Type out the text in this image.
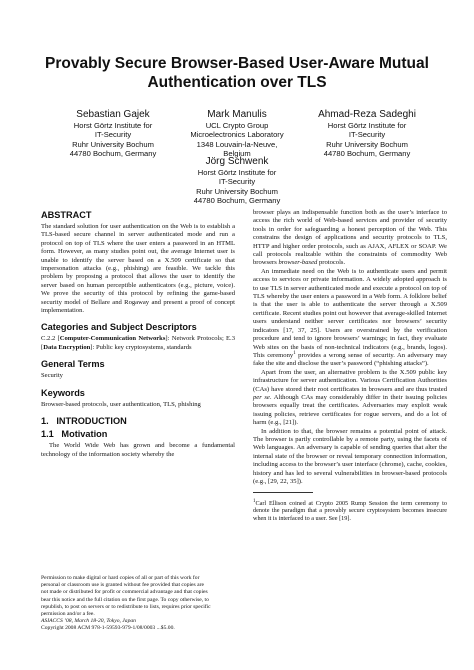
Provably Secure Browser-Based User-Aware Mutual
Authentication over TLS
Sebastian Gajek
Horst Görtz Institute for
IT-Security
Ruhr University Bochum
44780 Bochum, Germany
Mark Manulis
UCL Crypto Group
Microelectronics Laboratory
1348 Louvain-la-Neuve,
Belgium
Ahmad-Reza Sadeghi
Horst Görtz Institute for
IT-Security
Ruhr University Bochum
44780 Bochum, Germany
Jörg Schwenk
Horst Görtz Institute for
IT-Security
Ruhr University Bochum
44780 Bochum, Germany
ABSTRACT

The standard solution for user authentication on the Web is to establish a TLS-based secure channel in server authenticated mode and run a protocol on top of TLS where the user enters a password in an HTML form. However, as many studies point out, the average Internet user is unable to identify the server based on a X.509 certificate so that impersonation attacks (e.g., phishing) are feasible. We tackle this problem by proposing a protocol that allows the user to identify the server based on human perceptible authenticators (e.g., picture, voice). We prove the security of this protocol by refining the game-based security model of Bellare and Rogaway and present a proof of concept implementation.

Categories and Subject Descriptors

C.2.2 [Computer-Communication Networks]: Network Protocols; E.3 [Data Encryption]: Public key cryptosystems, standards

General Terms

Security

Keywords

Browser-based protocols, user authentication, TLS, phishing

1.   INTRODUCTION
1.1   Motivation

The World Wide Web has grown and become a fundamental technology of the information society whereby the

Permission to make digital or hard copies of all or part of this work for
personal or classroom use is granted without fee provided that copies are
not made or distributed for profit or commercial advantage and that copies
bear this notice and the full citation on the first page. To copy otherwise, to
republish, to post on servers or to redistribute to lists, requires prior specific
permission and/or a fee.
ASIACCS ’08, March 18-20, Tokyo, Japan
Copyright 2008 ACM 978-1-59593-979-1/08/0003 ...$5.00.

browser plays an indispensable function both as the user’s interface to access the rich world of Web-based services and provider of security tools in order for safeguarding a honest perception of the Web. This constrains the design of applications and security protocols to TLS, HTTP and higher order protocols, such as AJAX, AFLEX or SOAP. We call protocols realizable within the constraints of commodity Web browsers browser-based protocols.

An immediate need on the Web is to authenticate users and permit access to services or private information. A widely adopted approach is to use TLS in server authenticated mode and execute a protocol on top of TLS whereby the user enters a password in a Web form. A folklore belief is that the user is able to authenticate the server through a X.509 certificate. Recent studies point out however that average-skilled Internet users understand neither server certificates nor browsers’ security indicators [17, 37, 25]. Users are overstrained by the verification procedure and tend to ignore browsers’ warnings; in fact, they evaluate Web sites on the basis of non-technical indicators (e.g., brands, logos). This ceremony$^1$ provides a wrong sense of security. An adversary may fake the site and disclose the user’s password (“phishing attacks”).

Apart from the user, an alternative problem is the X.509 public key infrastructure for server authentication. Various Certification Authorities (CAs) have stored their root certificates in browsers and are thus trusted per se. Although CAs may considerably differ in their issuing policies browsers equally treat the certificates. Adversaries may exploit weak issuing policies, retrieve certificates for rogue servers, and do a lot of harm (e.g., [21]).

In addition to that, the browser remains a potential point of attack. The browser is partly controllable by a remote party, using the facets of Web languages. An adversary is capable of sending queries that alter the internal state of the browser or reveal temporary connection information, including access to the browser’s user interface (chrome), cache, cookies, history and has led to several vulnerabilities in browser-based protocols (e.g., [29, 22, 35]).

$^1$Carl Ellison coined at Crypto 2005 Rump Session the term ceremony to denote the paradigm that a provably secure cryptosystem becomes insecure when it is interfaced to a user. See [19].
